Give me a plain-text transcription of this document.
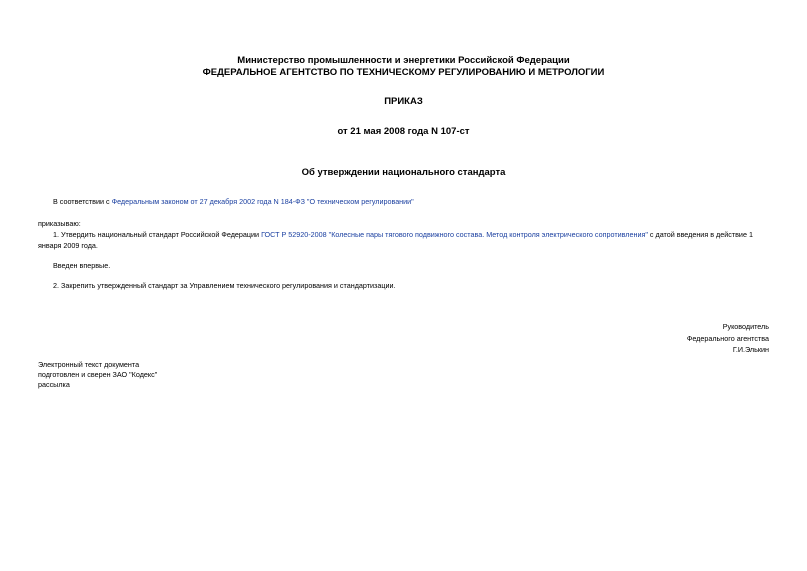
Министерство промышленности и энергетики Российской Федерации
ФЕДЕРАЛЬНОЕ АГЕНТСТВО ПО ТЕХНИЧЕСКОМУ РЕГУЛИРОВАНИЮ И МЕТРОЛОГИИ
ПРИКАЗ
от 21 мая 2008 года N 107-ст
Об утверждении национального стандарта
В соответствии с Федеральным законом от 27 декабря 2002 года N 184-ФЗ "О техническом регулировании"
приказываю:
1. Утвердить национальный стандарт Российской Федерации ГОСТ Р 52920-2008 "Колесные пары тягового подвижного состава. Метод контроля электрического сопротивления" с датой введения в действие 1 января 2009 года.
Введен впервые.
2. Закрепить утвержденный стандарт за Управлением технического регулирования и стандартизации.
Руководитель
Федерального агентства
Г.И.Элькин
Электронный текст документа
подготовлен и сверен ЗАО "Кодекс"
рассылка
